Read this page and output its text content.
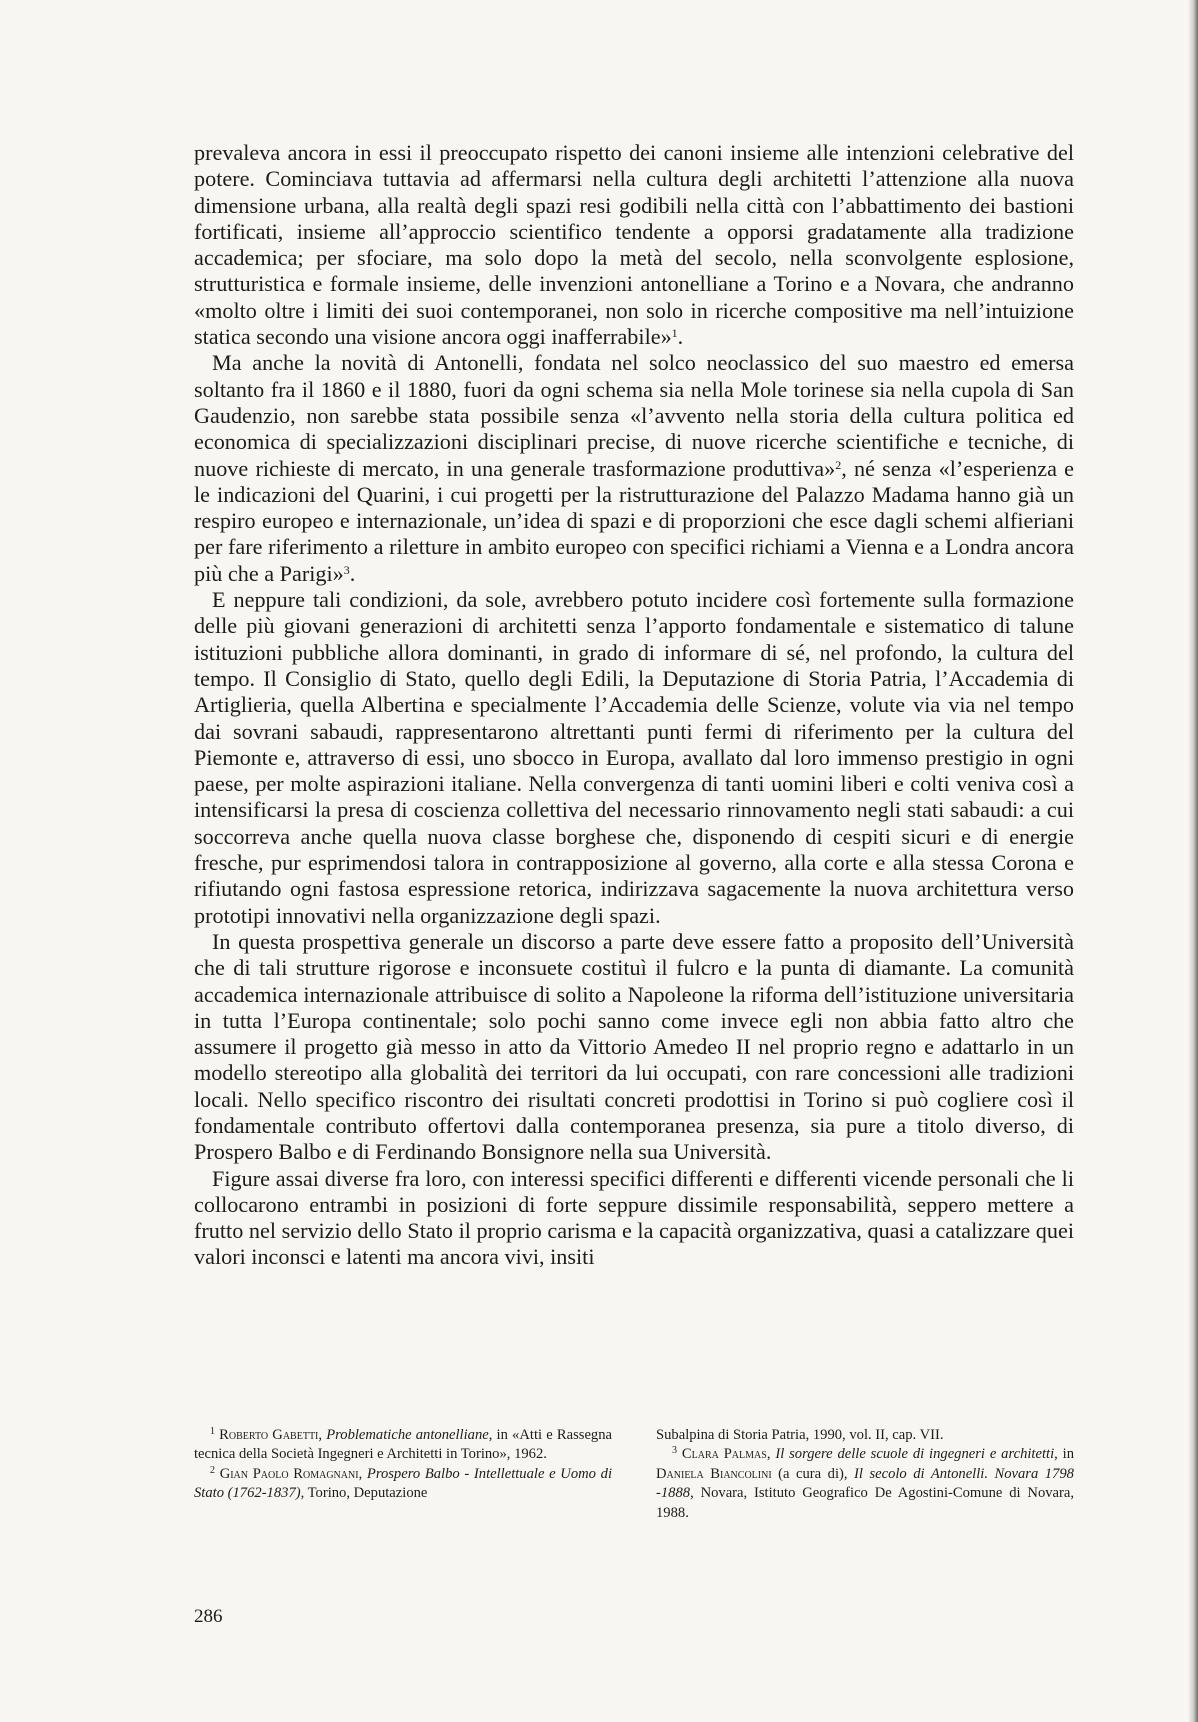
prevaleva ancora in essi il preoccupato rispetto dei canoni insieme alle intenzioni celebrative del potere. Cominciava tuttavia ad affermarsi nella cultura degli architetti l’attenzione alla nuova dimensione urbana, alla realtà degli spazi resi godibili nella città con l’abbattimento dei bastioni fortificati, insieme all’approccio scientifico tendente a opporsi gradatamente alla tradizione accademica; per sfociare, ma solo dopo la metà del secolo, nella sconvolgente esplosione, strutturistica e formale insieme, delle invenzioni antonelliane a Torino e a Novara, che andranno «molto oltre i limiti dei suoi contemporanei, non solo in ricerche compositive ma nell’intuizione statica secondo una visione ancora oggi inafferrabile»$^1$.

Ma anche la novità di Antonelli, fondata nel solco neoclassico del suo maestro ed emersa soltanto fra il 1860 e il 1880, fuori da ogni schema sia nella Mole torinese sia nella cupola di San Gaudenzio, non sarebbe stata possibile senza «l’avvento nella storia della cultura politica ed economica di specializzazioni disciplinari precise, di nuove ricerche scientifiche e tecniche, di nuove richieste di mercato, in una generale trasformazione produttiva»$^2$, né senza «l’esperienza e le indicazioni del Quarini, i cui progetti per la ristrutturazione del Palazzo Madama hanno già un respiro europeo e internazionale, un’idea di spazi e di proporzioni che esce dagli schemi alfieriani per fare riferimento a riletture in ambito europeo con specifici richiami a Vienna e a Londra ancora più che a Parigi»$^3$.

E neppure tali condizioni, da sole, avrebbero potuto incidere così fortemente sulla formazione delle più giovani generazioni di architetti senza l’apporto fondamentale e sistematico di talune istituzioni pubbliche allora dominanti, in grado di informare di sé, nel profondo, la cultura del tempo. Il Consiglio di Stato, quello degli Edili, la Deputazione di Storia Patria, l’Accademia di Artiglieria, quella Albertina e specialmente l’Accademia delle Scienze, volute via via nel tempo dai sovrani sabaudi, rappresentarono altrettanti punti fermi di riferimento per la cultura del Piemonte e, attraverso di essi, uno sbocco in Europa, avallato dal loro immenso prestigio in ogni paese, per molte aspirazioni italiane. Nella convergenza di tanti uomini liberi e colti veniva così a intensificarsi la presa di coscienza collettiva del necessario rinnovamento negli stati sabaudi: a cui soccorreva anche quella nuova classe borghese che, disponendo di cespiti sicuri e di energie fresche, pur esprimendosi talora in contrapposizione al governo, alla corte e alla stessa Corona e rifiutando ogni fastosa espressione retorica, indirizzava sagacemente la nuova architettura verso prototipi innovativi nella organizzazione degli spazi.

In questa prospettiva generale un discorso a parte deve essere fatto a proposito dell’Università che di tali strutture rigorose e inconsuete costituì il fulcro e la punta di diamante. La comunità accademica internazionale attribuisce di solito a Napoleone la riforma dell’istituzione universitaria in tutta l’Europa continentale; solo pochi sanno come invece egli non abbia fatto altro che assumere il progetto già messo in atto da Vittorio Amedeo II nel proprio regno e adattarlo in un modello stereotipo alla globalità dei territori da lui occupati, con rare concessioni alle tradizioni locali. Nello specifico riscontro dei risultati concreti prodottisi in Torino si può cogliere così il fondamentale contributo offertovi dalla contemporanea presenza, sia pure a titolo diverso, di Prospero Balbo e di Ferdinando Bonsignore nella sua Università.

Figure assai diverse fra loro, con interessi specifici differenti e differenti vicende personali che li collocarono entrambi in posizioni di forte seppure dissimile responsabilità, seppero mettere a frutto nel servizio dello Stato il proprio carisma e la capacità organizzativa, quasi a catalizzare quei valori inconsci e latenti ma ancora vivi, insiti

$^1$ Roberto Gabetti, Problematiche antonelliane, in «Atti e Rassegna tecnica della Società Ingegneri e Architetti in Torino», 1962.

$^2$ Gian Paolo Romagnani, Prospero Balbo - Intellettuale e Uomo di Stato (1762-1837), Torino, Deputazione

Subalpina di Storia Patria, 1990, vol. II, cap. VII.

$^3$ Clara Palmas, Il sorgere delle scuole di ingegneri e architetti, in Daniela Biancolini (a cura di), Il secolo di Antonelli. Novara 1798 -1888, Novara, Istituto Geografico De Agostini-Comune di Novara, 1988.

286
